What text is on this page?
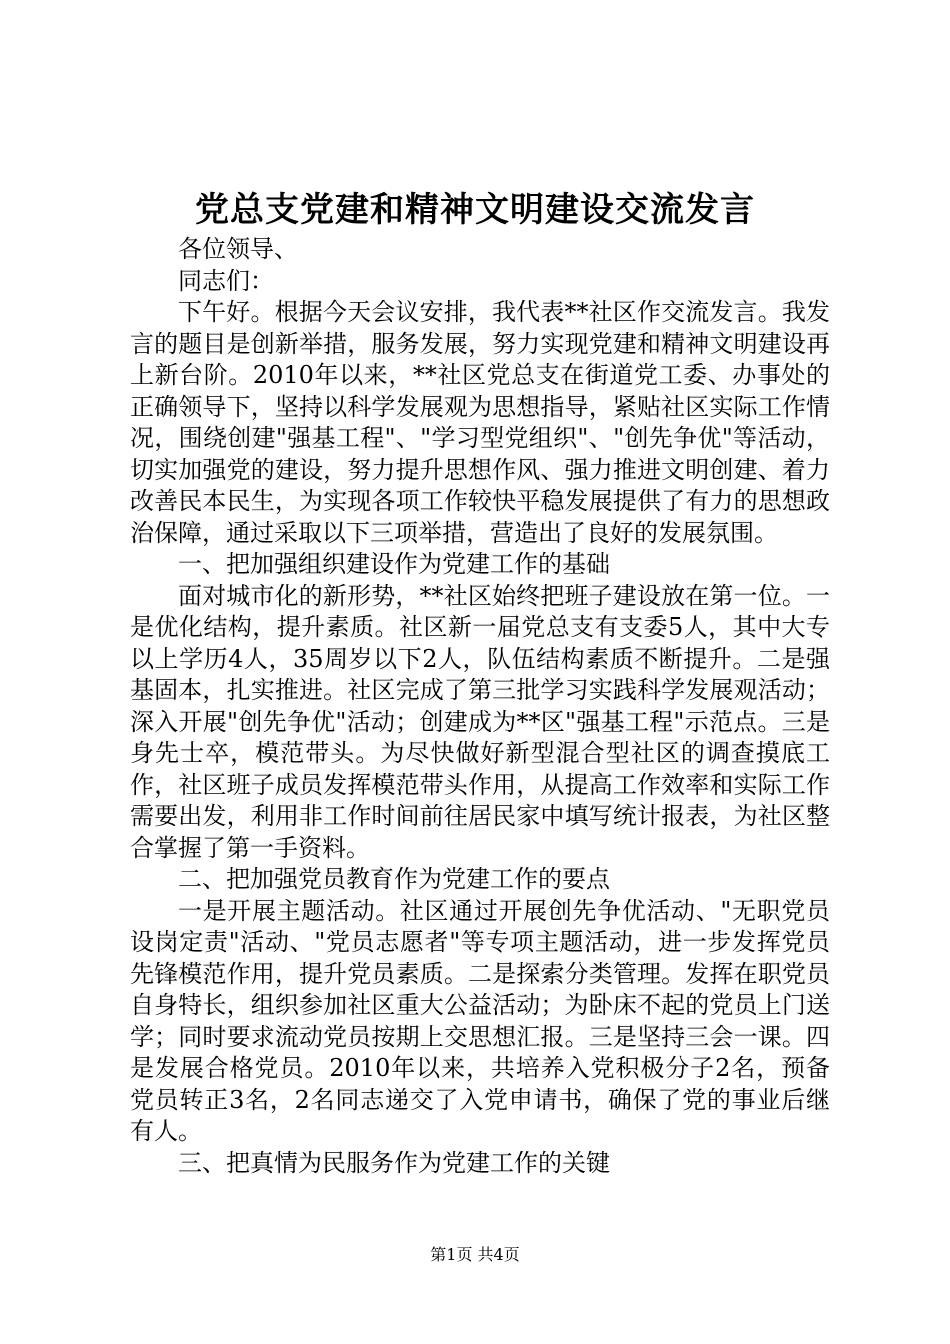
党总支党建和精神文明建设交流发言

各位领导、

同志们：

下午好。根据今天会议安排，我代表**社区作交流发言。我发言的题目是创新举措，服务发展，努力实现党建和精神文明建设再上新台阶。2010年以来，**社区党总支在街道党工委、办事处的正确领导下，坚持以科学发展观为思想指导，紧贴社区实际工作情况，围绕创建"强基工程"、"学习型党组织"、"创先争优"等活动，切实加强党的建设，努力提升思想作风、强力推进文明创建、着力改善民本民生，为实现各项工作较快平稳发展提供了有力的思想政治保障，通过采取以下三项举措，营造出了良好的发展氛围。

一、把加强组织建设作为党建工作的基础

面对城市化的新形势，**社区始终把班子建设放在第一位。一是优化结构，提升素质。社区新一届党总支有支委5人，其中大专以上学历4人，35周岁以下2人，队伍结构素质不断提升。二是强基固本，扎实推进。社区完成了第三批学习实践科学发展观活动；深入开展"创先争优"活动；创建成为**区"强基工程"示范点。三是身先士卒，模范带头。为尽快做好新型混合型社区的调查摸底工作，社区班子成员发挥模范带头作用，从提高工作效率和实际工作需要出发，利用非工作时间前往居民家中填写统计报表，为社区整合掌握了第一手资料。

二、把加强党员教育作为党建工作的要点

一是开展主题活动。社区通过开展创先争优活动、"无职党员设岗定责"活动、"党员志愿者"等专项主题活动，进一步发挥党员先锋模范作用，提升党员素质。二是探索分类管理。发挥在职党员自身特长，组织参加社区重大公益活动；为卧床不起的党员上门送学；同时要求流动党员按期上交思想汇报。三是坚持三会一课。四是发展合格党员。2010年以来，共培养入党积极分子2名，预备党员转正3名，2名同志递交了入党申请书，确保了党的事业后继有人。

三、把真情为民服务作为党建工作的关键

第1页 共4页
